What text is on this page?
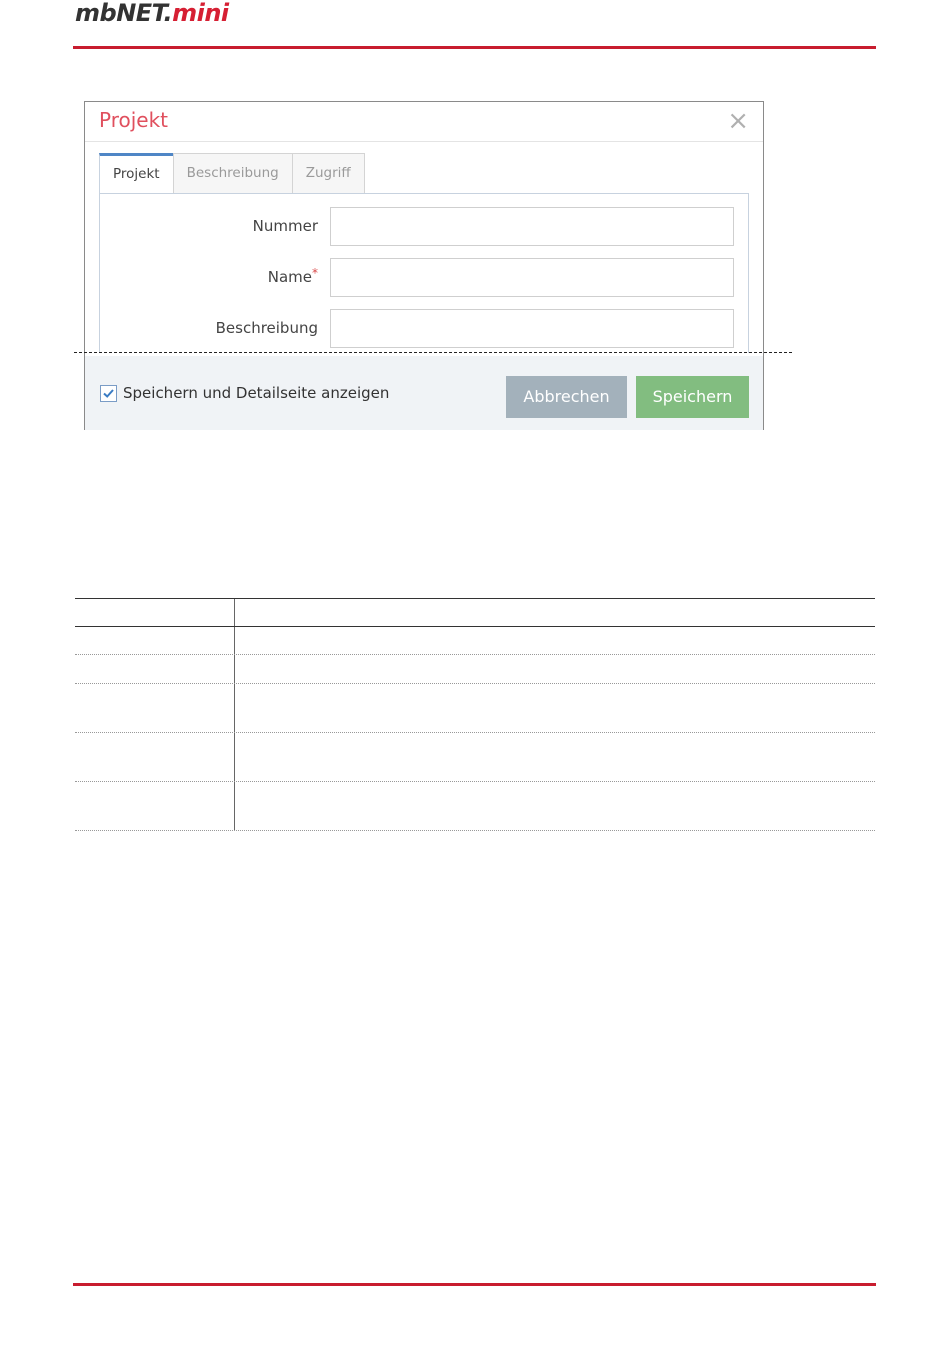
mbNET.mini
Projekt	×
Projekt	Beschreibung	Zugriff
Nummer
Name*
Beschreibung
Speichern und Detailseite anzeigen	Abbrechen	Speichern
